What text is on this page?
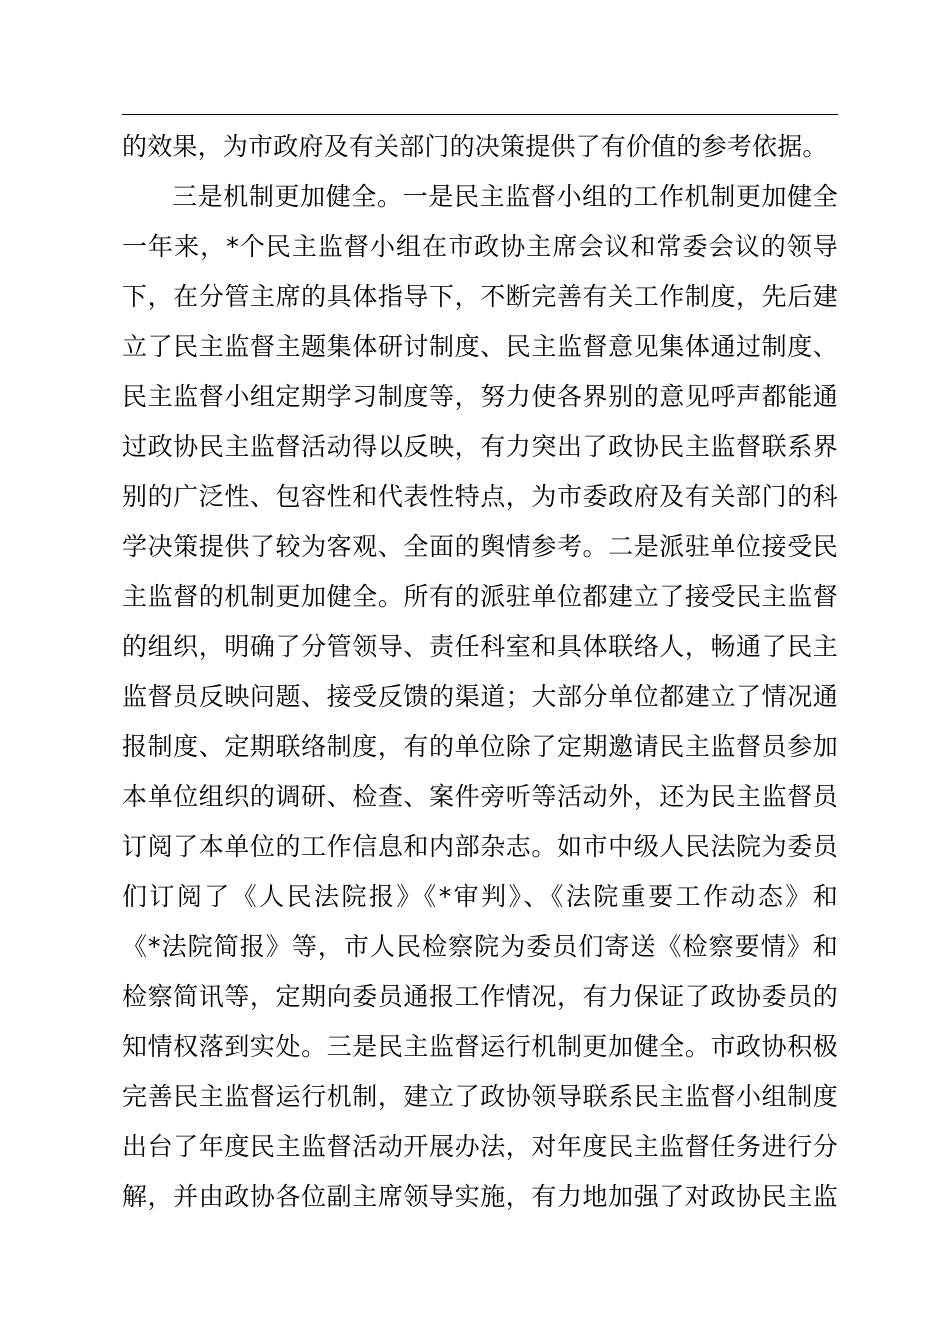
的效果，为市政府及有关部门的决策提供了有价值的参考依据。
三是机制更加健全。一是民主监督小组的工作机制更加健全
一年来，*个民主监督小组在市政协主席会议和常委会议的领导
下，在分管主席的具体指导下，不断完善有关工作制度，先后建
立了民主监督主题集体研讨制度、民主监督意见集体通过制度、
民主监督小组定期学习制度等，努力使各界别的意见呼声都能通
过政协民主监督活动得以反映，有力突出了政协民主监督联系界
别的广泛性、包容性和代表性特点，为市委政府及有关部门的科
学决策提供了较为客观、全面的舆情参考。二是派驻单位接受民
主监督的机制更加健全。所有的派驻单位都建立了接受民主监督
的组织，明确了分管领导、责任科室和具体联络人，畅通了民主
监督员反映问题、接受反馈的渠道；大部分单位都建立了情况通
报制度、定期联络制度，有的单位除了定期邀请民主监督员参加
本单位组织的调研、检查、案件旁听等活动外，还为民主监督员
订阅了本单位的工作信息和内部杂志。如市中级人民法院为委员
们订阅了《人民法院报》《*审判》、《法院重要工作动态》和
《*法院简报》等，市人民检察院为委员们寄送《检察要情》和
检察简讯等，定期向委员通报工作情况，有力保证了政协委员的
知情权落到实处。三是民主监督运行机制更加健全。市政协积极
完善民主监督运行机制，建立了政协领导联系民主监督小组制度
出台了年度民主监督活动开展办法，对年度民主监督任务进行分
解，并由政协各位副主席领导实施，有力地加强了对政协民主监
